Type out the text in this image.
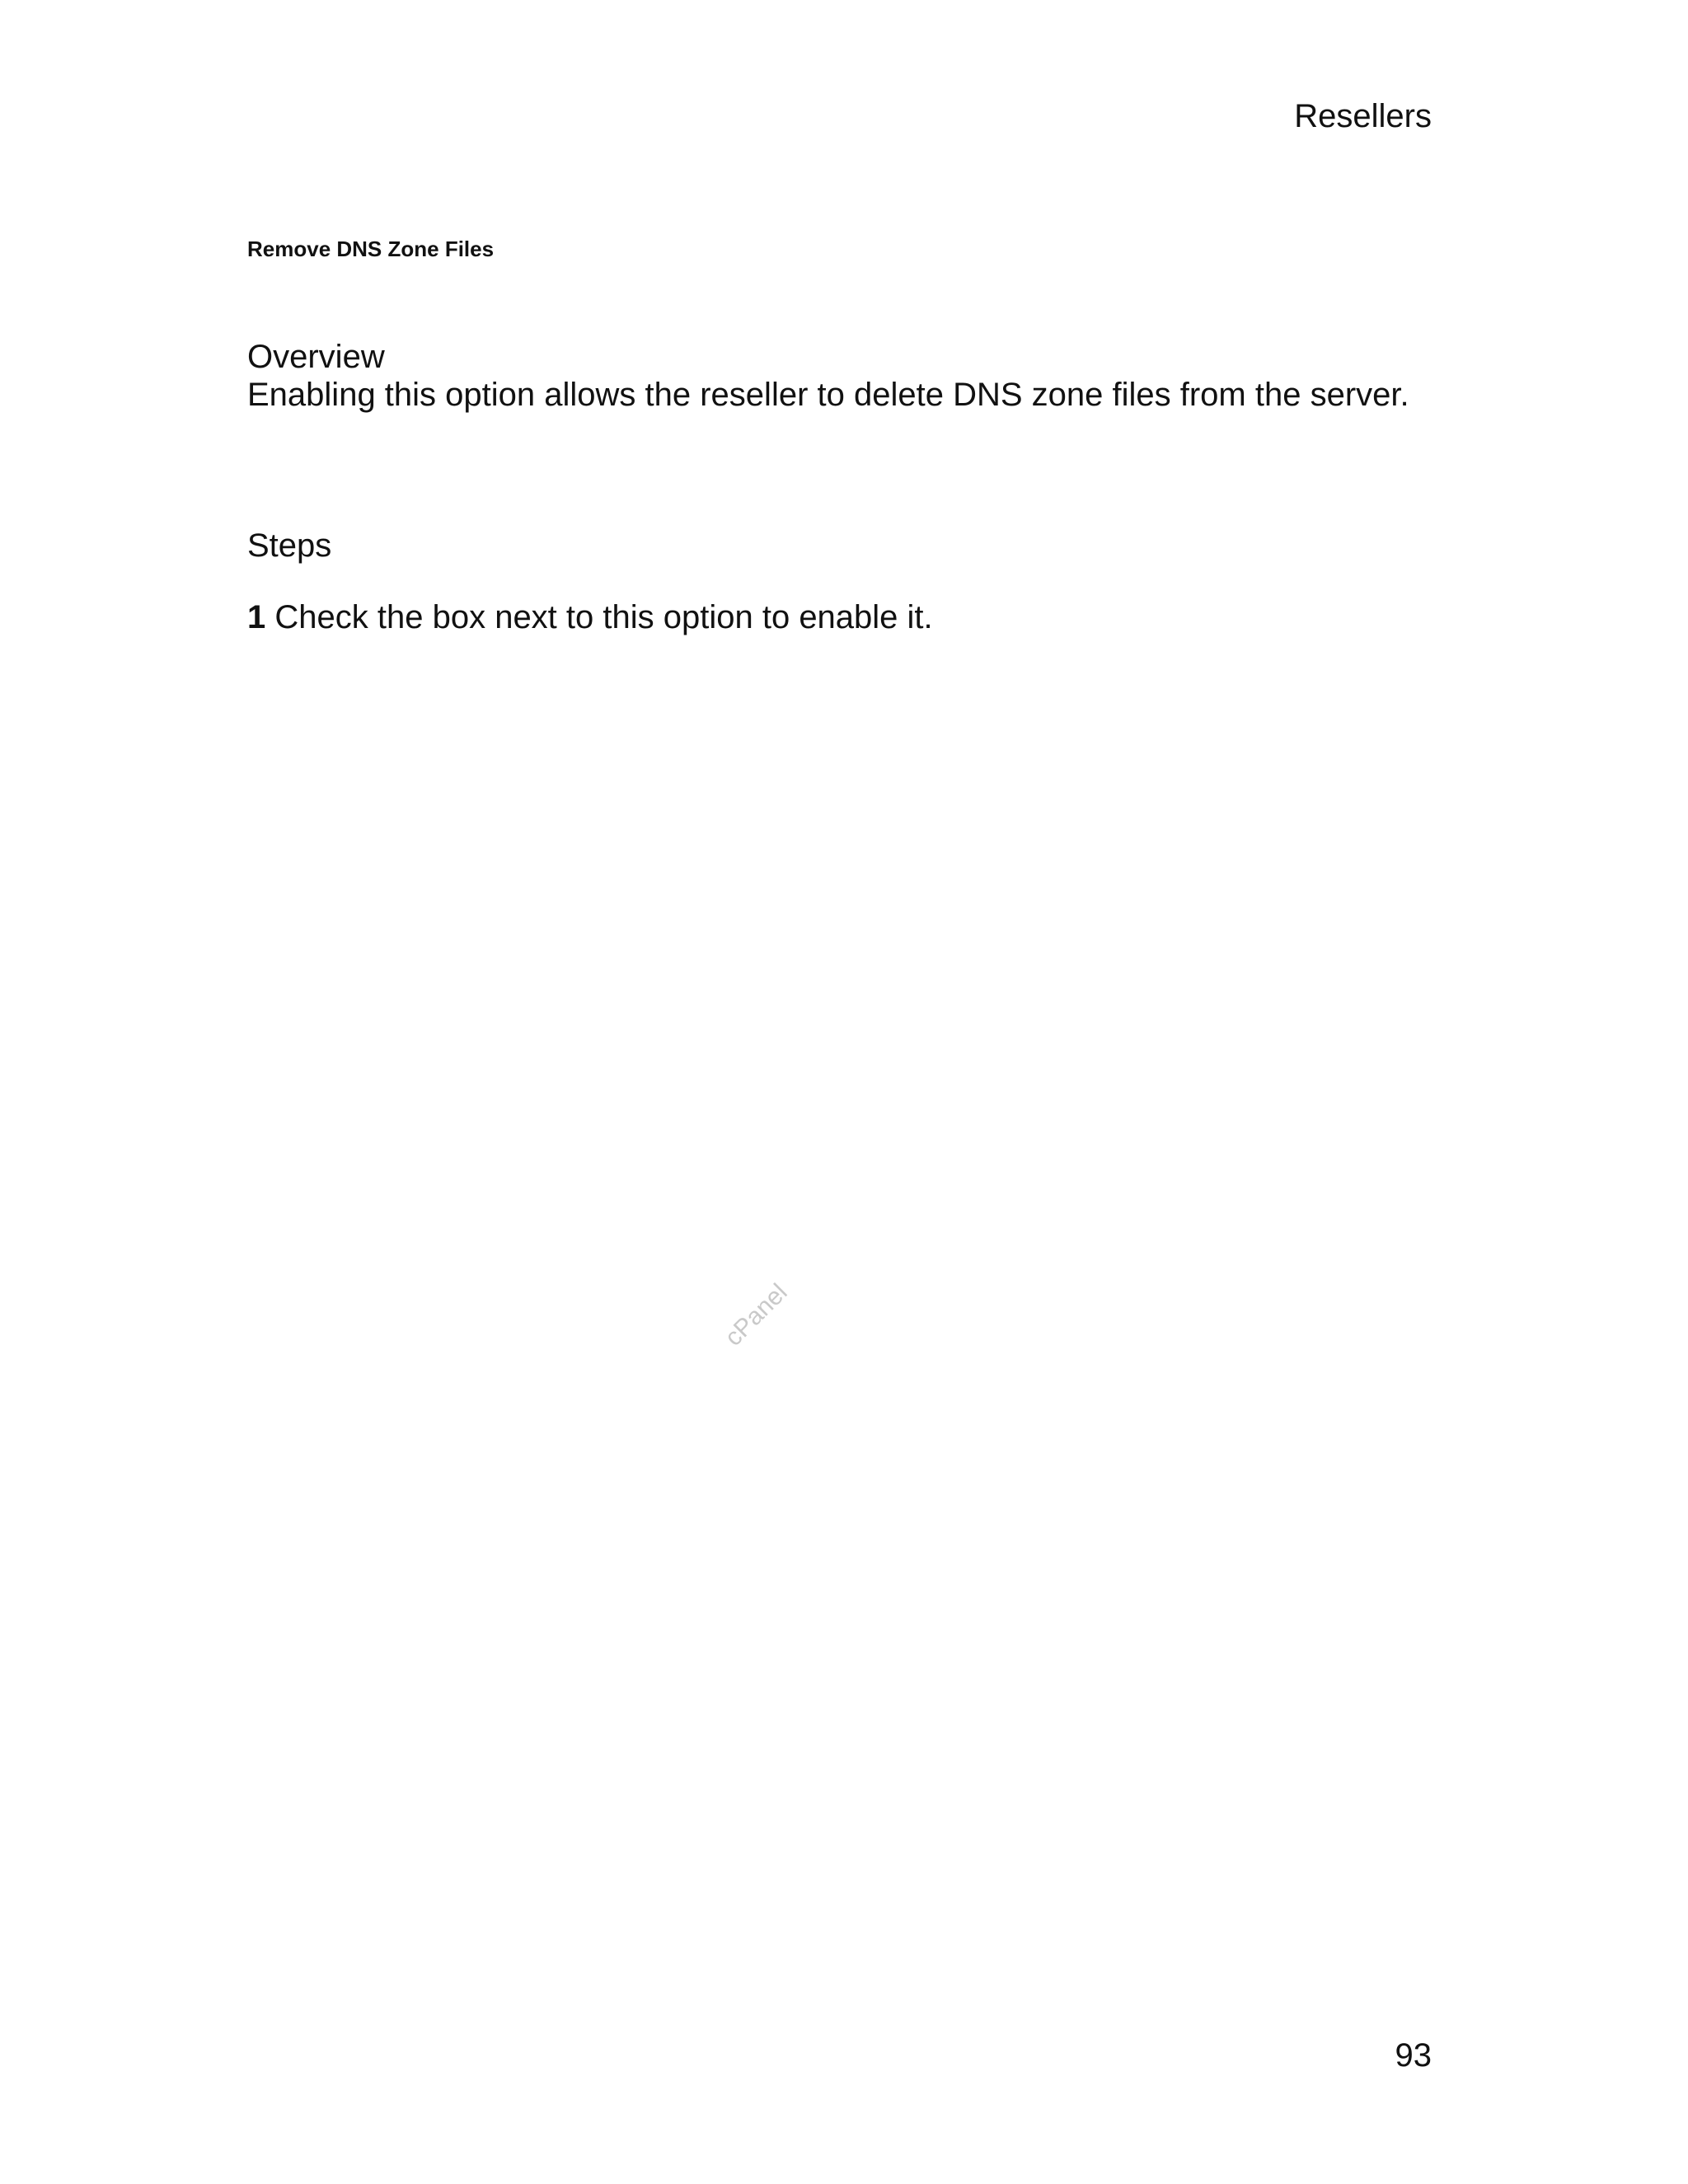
Resellers
Remove DNS Zone Files
Overview
Enabling this option allows the reseller to delete DNS zone files from the server.
Steps
1 Check the box next to this option to enable it.
cPanel
93
